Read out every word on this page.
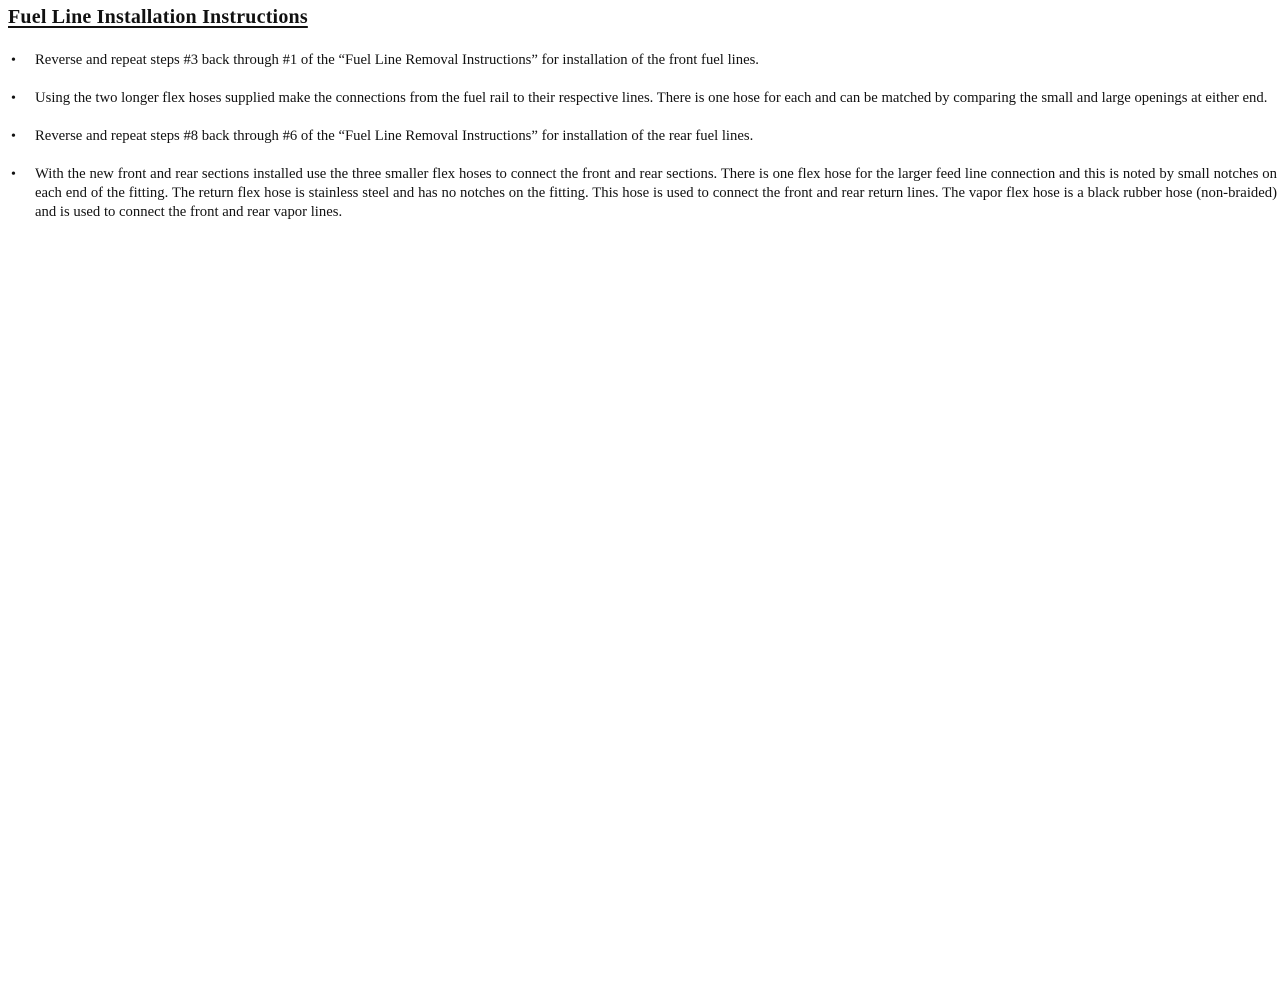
Fuel Line Installation Instructions
• Reverse and repeat steps #3 back through #1 of the “Fuel Line Removal Instructions” for installation of the front fuel lines.
• Using the two longer flex hoses supplied make the connections from the fuel rail to their respective lines. There is one hose for each and can be matched by comparing the small and large openings at either end.
• Reverse and repeat steps #8 back through #6 of the “Fuel Line Removal Instructions” for installation of the rear fuel lines.
• With the new front and rear sections installed use the three smaller flex hoses to connect the front and rear sections. There is one flex hose for the larger feed line connection and this is noted by small notches on each end of the fitting. The return flex hose is stainless steel and has no notches on the fitting. This hose is used to connect the front and rear return lines. The vapor flex hose is a black rubber hose (non-braided) and is used to connect the front and rear vapor lines.
